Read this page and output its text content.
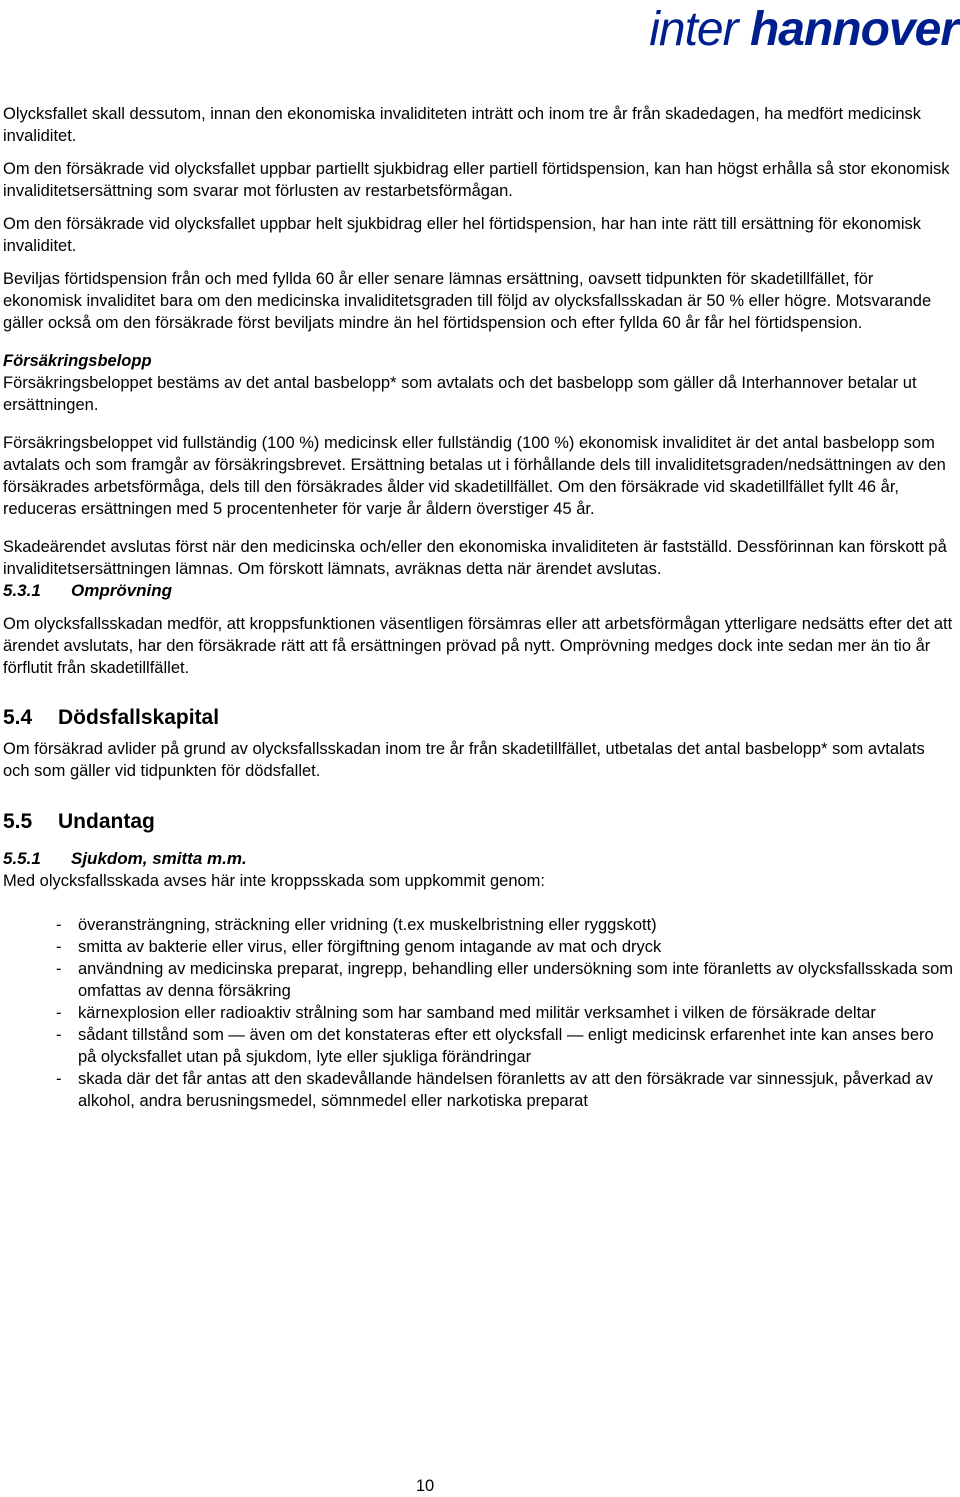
inter hannover

Olycksfallet skall dessutom, innan den ekonomiska invaliditeten inträtt och inom tre år från skadedagen, ha medfört medicinsk invaliditet.

Om den försäkrade vid olycksfallet uppbar partiellt sjukbidrag eller partiell förtidspension, kan han högst erhålla så stor ekonomisk invaliditetsersättning som svarar mot förlusten av restarbetsförmågan.

Om den försäkrade vid olycksfallet uppbar helt sjukbidrag eller hel förtidspension, har han inte rätt till ersättning för ekonomisk invaliditet.

Beviljas förtidspension från och med fyllda 60 år eller senare lämnas ersättning, oavsett tidpunkten för skadetillfället, för ekonomisk invaliditet bara om den medicinska invaliditetsgraden till följd av olycksfallsskadan är 50 % eller högre. Motsvarande gäller också om den försäkrade först beviljats mindre än hel förtidspension och efter fyllda 60 år får hel förtidspension.

Försäkringsbelopp

Försäkringsbeloppet bestäms av det antal basbelopp* som avtalats och det basbelopp som gäller då Interhannover betalar ut ersättningen.

Försäkringsbeloppet vid fullständig (100 %) medicinsk eller fullständig (100 %) ekonomisk invaliditet är det antal basbelopp som avtalats och som framgår av försäkringsbrevet. Ersättning betalas ut i förhållande dels till invaliditetsgraden/nedsättningen av den försäkrades arbetsförmåga, dels till den försäkrades ålder vid skadetillfället. Om den försäkrade vid skadetillfället fyllt 46 år, reduceras ersättningen med 5 procentenheter för varje år åldern överstiger 45 år.

Skadeärendet avslutas först när den medicinska och/eller den ekonomiska invaliditeten är fastställd. Dessförinnan kan förskott på invaliditetsersättningen lämnas. Om förskott lämnats, avräknas detta när ärendet avslutas.

5.3.1 Omprövning

Om olycksfallsskadan medför, att kroppsfunktionen väsentligen försämras eller att arbetsförmågan ytterligare nedsätts efter det att ärendet avslutats, har den försäkrade rätt att få ersättningen prövad på nytt. Omprövning medges dock inte sedan mer än tio år förflutit från skadetillfället.

5.4 Dödsfallskapital

Om försäkrad avlider på grund av olycksfallsskadan inom tre år från skadetillfället, utbetalas det antal basbelopp* som avtalats och som gäller vid tidpunkten för dödsfallet.

5.5 Undantag
5.5.1 Sjukdom, smitta m.m.

Med olycksfallsskada avses här inte kroppsskada som uppkommit genom:

- överansträngning, sträckning eller vridning (t.ex muskelbristning eller ryggskott)
- smitta av bakterie eller virus, eller förgiftning genom intagande av mat och dryck
- användning av medicinska preparat, ingrepp, behandling eller undersökning som inte föranletts av olycksfallsskada som omfattas av denna försäkring
- kärnexplosion eller radioaktiv strålning som har samband med militär verksamhet i vilken de försäkrade deltar
- sådant tillstånd som — även om det konstateras efter ett olycksfall — enligt medicinsk erfarenhet inte kan anses bero på olycksfallet utan på sjukdom, lyte eller sjukliga förändringar
- skada där det får antas att den skadevållande händelsen föranletts av att den försäkrade var sinnessjuk, påverkad av alkohol, andra berusningsmedel, sömnmedel eller narkotiska preparat
10
